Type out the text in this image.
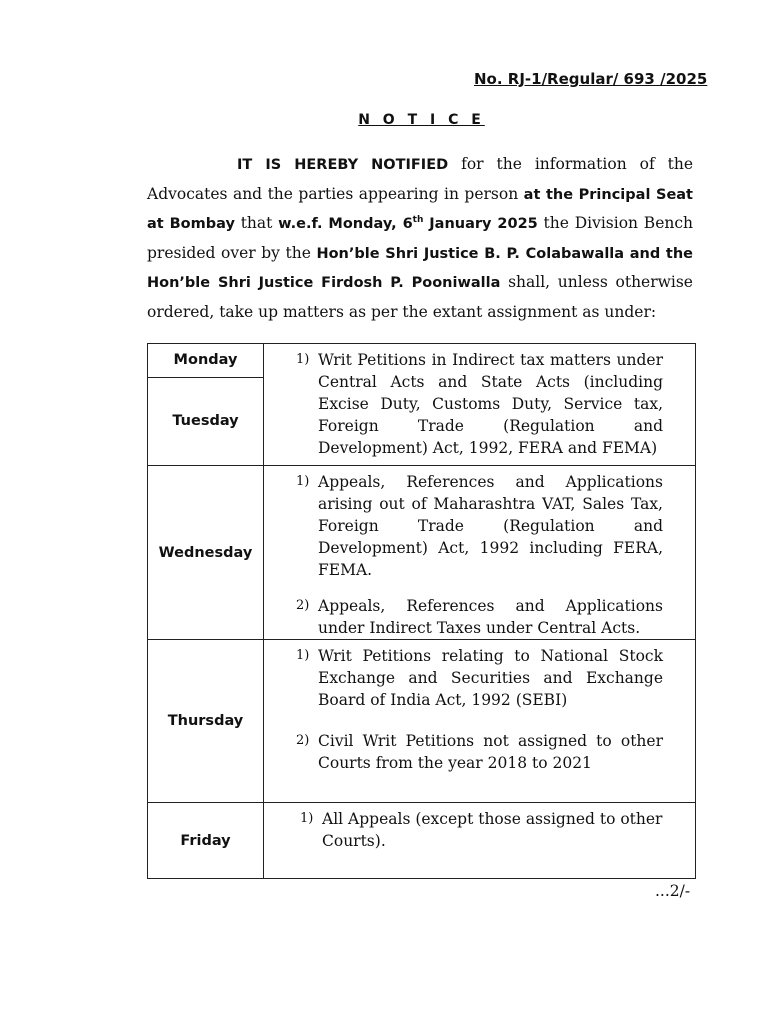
No. RJ-1/Regular/ 693 /2025
N O T I C E

IT IS HEREBY NOTIFIED for the information of the Advocates and the parties appearing in person at the Principal Seat at Bombay that w.e.f. Monday, 6th January 2025 the Division Bench presided over by the Hon’ble Shri Justice B. P. Colabawalla and the Hon’ble Shri Justice Firdosh P. Pooniwalla shall, unless otherwise ordered, take up matters as per the extant assignment as under:

Monday	1) Writ Petitions in Indirect tax matters under Central Acts and State Acts (including Excise Duty, Customs Duty, Service tax, Foreign Trade (Regulation and Development) Act, 1992, FERA and FEMA)

Tuesday	
Wednesday	1) Appeals, References and Applications arising out of Maharashtra VAT, Sales Tax, Foreign Trade (Regulation and Development) Act, 1992 including FERA, FEMA.
2) Appeals, References and Applications under Indirect Taxes under Central Acts.

Thursday	1) Writ Petitions relating to National Stock Exchange and Securities and Exchange Board of India Act, 1992 (SEBI)
2) Civil Writ Petitions not assigned to other Courts from the year 2018 to 2021

Friday	1) All Appeals (except those assigned to other Courts).
...2/-
